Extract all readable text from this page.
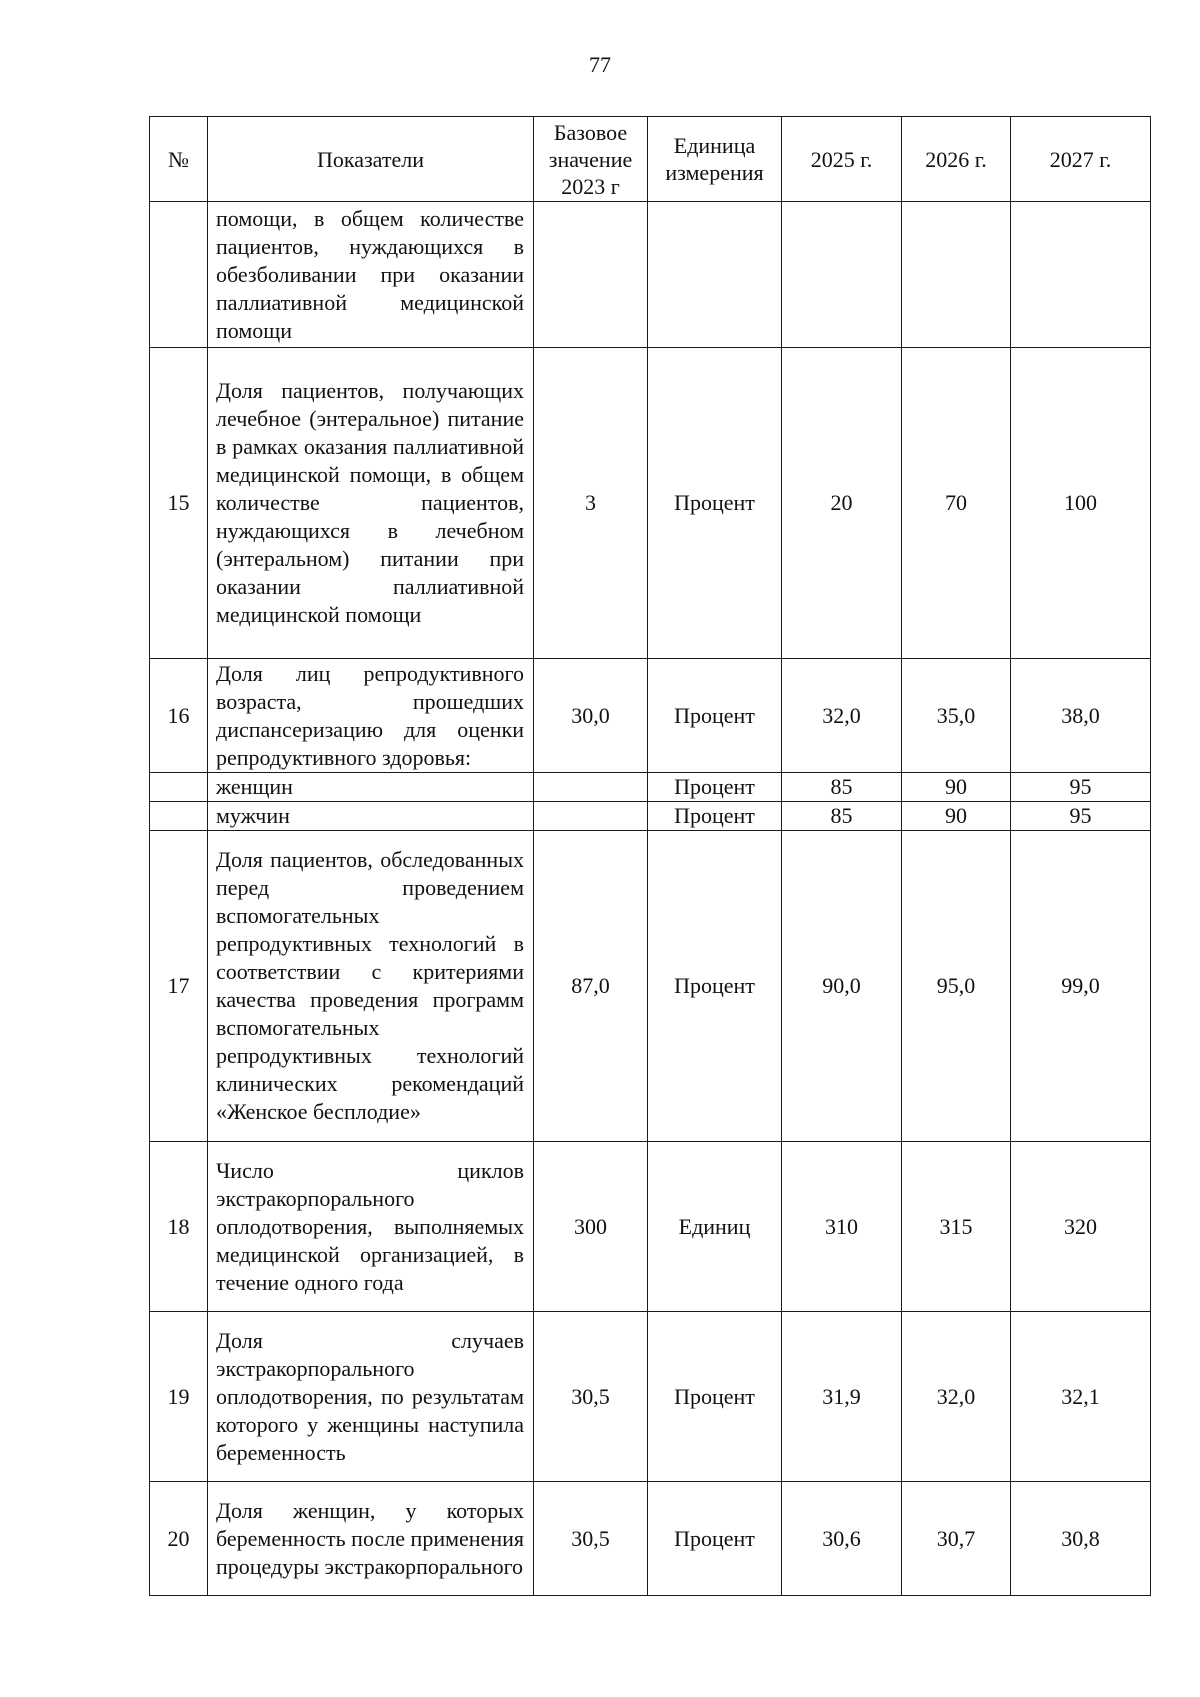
77
№	Показатели	Базовое значение 2023 г	Единица измерения	2025 г.	2026 г.	2027 г.
	помощи, в общем количестве пациентов, нуждающихся в обезболивании при оказании паллиативной медицинской помощи					
15	Доля пациентов, получающих лечебное (энтеральное) питание в рамках оказания паллиативной медицинской помощи, в общем количестве пациентов, нуждающихся в лечебном (энтеральном) питании при оказании паллиативной медицинской помощи	3	Процент	20	70	100
16	Доля лиц репродуктивного возраста, прошедших диспансеризацию для оценки репродуктивного здоровья:	30,0	Процент	32,0	35,0	38,0
	женщин		Процент	85	90	95
	мужчин		Процент	85	90	95
17	Доля пациентов, обследованных перед проведением вспомогательных репродуктивных технологий в соответствии с критериями качества проведения программ вспомогательных репродуктивных технологий клинических рекомендаций «Женское бесплодие»	87,0	Процент	90,0	95,0	99,0
18	Число циклов экстракорпорального оплодотворения, выполняемых медицинской организацией, в течение одного года	300	Единиц	310	315	320
19	Доля случаев экстракорпорального оплодотворения, по результатам которого у женщины наступила беременность	30,5	Процент	31,9	32,0	32,1
20	Доля женщин, у которых беременность после применения процедуры экстракорпорального	30,5	Процент	30,6	30,7	30,8
